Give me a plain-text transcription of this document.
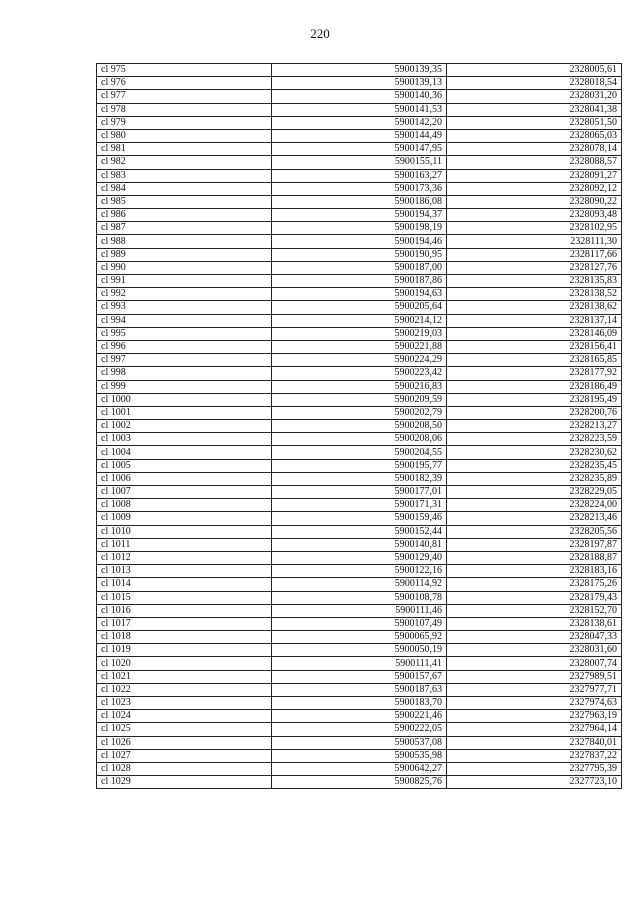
220
cl 975	5900139,35	2328005,61
cl 976	5900139,13	2328018,54
cl 977	5900140,36	2328031,20
cl 978	5900141,53	2328041,38
cl 979	5900142,20	2328051,50
cl 980	5900144,49	2328065,03
cl 981	5900147,95	2328078,14
cl 982	5900155,11	2328088,57
cl 983	5900163,27	2328091,27
cl 984	5900173,36	2328092,12
cl 985	5900186,08	2328090,22
cl 986	5900194,37	2328093,48
cl 987	5900198,19	2328102,95
cl 988	5900194,46	2328111,30
cl 989	5900190,95	2328117,66
cl 990	5900187,00	2328127,76
cl 991	5900187,86	2328135,83
cl 992	5900194,63	2328138,52
cl 993	5900205,64	2328138,62
cl 994	5900214,12	2328137,14
cl 995	5900219,03	2328146,09
cl 996	5900221,88	2328156,41
cl 997	5900224,29	2328165,85
cl 998	5900223,42	2328177,92
cl 999	5900216,83	2328186,49
cl 1000	5900209,59	2328195,49
cl 1001	5900202,79	2328200,76
cl 1002	5900208,50	2328213,27
cl 1003	5900208,06	2328223,59
cl 1004	5900204,55	2328230,62
cl 1005	5900195,77	2328235,45
cl 1006	5900182,39	2328235,89
cl 1007	5900177,01	2328229,05
cl 1008	5900171,31	2328224,00
cl 1009	5900159,46	2328213,46
cl 1010	5900152,44	2328205,56
cl 1011	5900140,81	2328197,87
cl 1012	5900129,40	2328188,87
cl 1013	5900122,16	2328183,16
cl 1014	5900114,92	2328175,26
cl 1015	5900108,78	2328179,43
cl 1016	5900111,46	2328152,70
cl 1017	5900107,49	2328138,61
cl 1018	5900065,92	2328047,33
cl 1019	5900050,19	2328031,60
cl 1020	5900111,41	2328007,74
cl 1021	5900157,67	2327989,51
cl 1022	5900187,63	2327977,71
cl 1023	5900183,70	2327974,63
cl 1024	5900221,46	2327963,19
cl 1025	5900222,05	2327964,14
cl 1026	5900537,08	2327840,01
cl 1027	5900535,98	2327837,22
cl 1028	5900642,27	2327795,39
cl 1029	5900825,76	2327723,10
